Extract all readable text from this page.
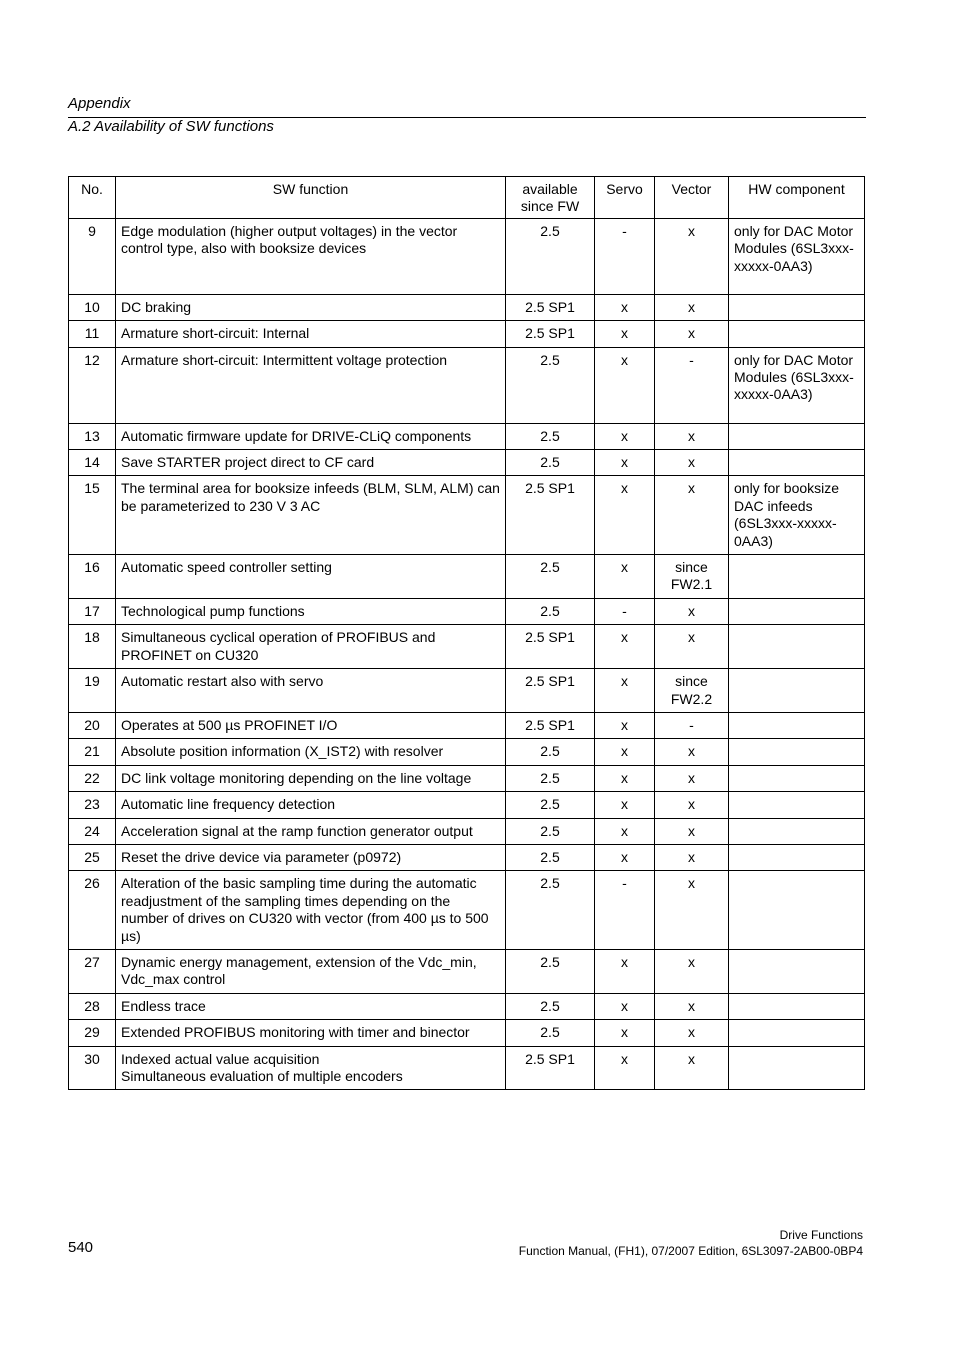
Appendix
A.2 Availability of SW functions
No.	SW function	available since FW	Servo	Vector	HW component
9	Edge modulation (higher output voltages) in the vector control type, also with booksize devices	2.5	-	x	only for DAC Motor Modules (6SL3xxx-xxxxx-0AA3)
10	DC braking	2.5 SP1	x	x	
11	Armature short-circuit: Internal	2.5 SP1	x	x	
12	Armature short-circuit: Intermittent voltage protection	2.5	x	-	only for DAC Motor Modules (6SL3xxx-xxxxx-0AA3)
13	Automatic firmware update for DRIVE-CLiQ components	2.5	x	x	
14	Save STARTER project direct to CF card	2.5	x	x	
15	The terminal area for booksize infeeds (BLM, SLM, ALM) can be parameterized to 230 V 3 AC	2.5 SP1	x	x	only for booksize DAC infeeds (6SL3xxx-xxxxx-0AA3)
16	Automatic speed controller setting	2.5	x	since FW2.1	
17	Technological pump functions	2.5	-	x	
18	Simultaneous cyclical operation of PROFIBUS and PROFINET on CU320	2.5 SP1	x	x	
19	Automatic restart also with servo	2.5 SP1	x	since FW2.2	
20	Operates at 500 µs PROFINET I/O	2.5 SP1	x	-	
21	Absolute position information (X_IST2) with resolver	2.5	x	x	
22	DC link voltage monitoring depending on the line voltage	2.5	x	x	
23	Automatic line frequency detection	2.5	x	x	
24	Acceleration signal at the ramp function generator output	2.5	x	x	
25	Reset the drive device via parameter (p0972)	2.5	x	x	
26	Alteration of the basic sampling time during the automatic readjustment of the sampling times depending on the number of drives on CU320 with vector (from 400 µs to 500 µs)	2.5	-	x	
27	Dynamic energy management, extension of the Vdc_min, Vdc_max control	2.5	x	x	
28	Endless trace	2.5	x	x	
29	Extended PROFIBUS monitoring with timer and binector	2.5	x	x	
30	Indexed actual value acquisition
Simultaneous evaluation of multiple encoders	2.5 SP1	x	x	
540
Drive Functions
Function Manual, (FH1), 07/2007 Edition, 6SL3097-2AB00-0BP4
